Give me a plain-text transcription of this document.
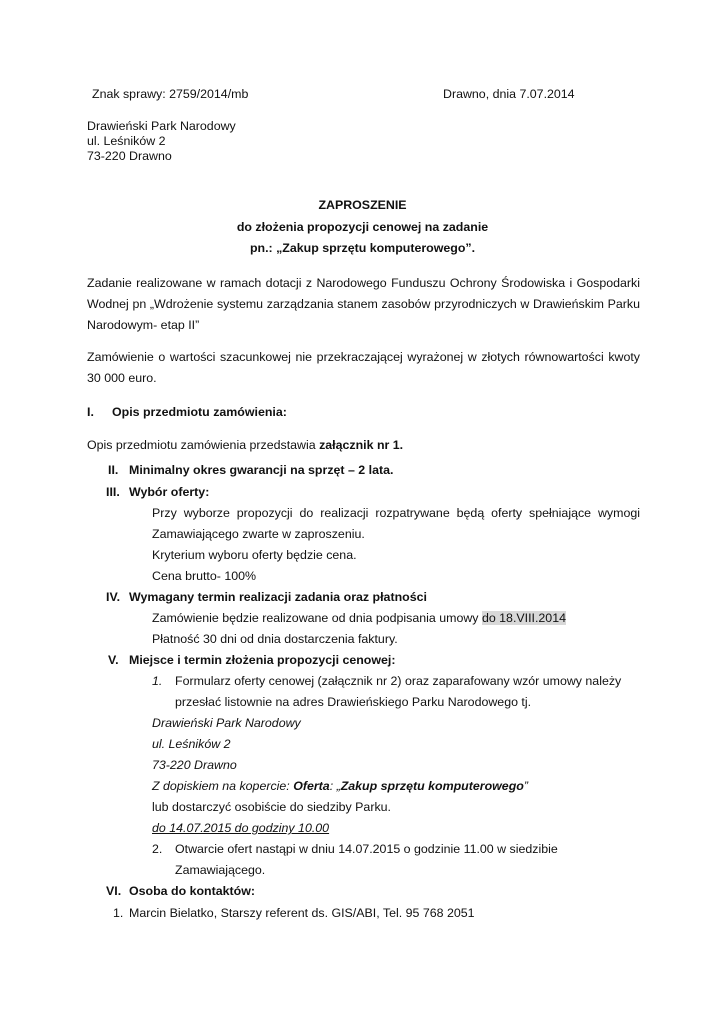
Znak sprawy: 2759/2014/mb	Drawno, dnia 7.07.2014
Drawieński Park Narodowy
ul. Leśników 2
73-220 Drawno
ZAPROSZENIE
do złożenia propozycji cenowej na zadanie
pn.: „Zakup sprzętu komputerowego”.
Zadanie realizowane w ramach dotacji z Narodowego Funduszu Ochrony Środowiska i Gospodarki
Wodnej pn „Wdrożenie systemu zarządzania stanem zasobów przyrodniczych w Drawieńskim Parku
Narodowym- etap II”
Zamówienie o wartości szacunkowej nie przekraczającej wyrażonej w złotych równowartości kwoty
30 000 euro.
I. Opis przedmiotu zamówienia:
Opis przedmiotu zamówienia przedstawia załącznik nr 1.
II. Minimalny okres gwarancji na sprzęt – 2 lata.
III. Wybór oferty:
Przy wyborze propozycji do realizacji rozpatrywane będą oferty spełniające wymogi
Zamawiającego zwarte w zaproszeniu.
Kryterium wyboru oferty będzie cena.
Cena brutto- 100%
IV. Wymagany termin realizacji zadania oraz płatności
Zamówienie będzie realizowane od dnia podpisania umowy do 18.VIII.2014
Płatność 30 dni od dnia dostarczenia faktury.
V. Miejsce i termin złożenia propozycji cenowej:
1. Formularz oferty cenowej (załącznik nr 2) oraz zaparafowany wzór umowy należy
przesłać listownie na adres Drawieńskiego Parku Narodowego tj.
Drawieński Park Narodowy
ul. Leśników 2
73-220 Drawno
Z dopiskiem na kopercie: Oferta: „Zakup sprzętu komputerowego”
lub dostarczyć osobiście do siedziby Parku.
do 14.07.2015 do godziny 10.00
2. Otwarcie ofert nastąpi w dniu 14.07.2015 o godzinie 11.00 w siedzibie
Zamawiającego.
VI. Osoba do kontaktów:
1. Marcin Bielatko, Starszy referent ds. GIS/ABI, Tel. 95 768 2051
